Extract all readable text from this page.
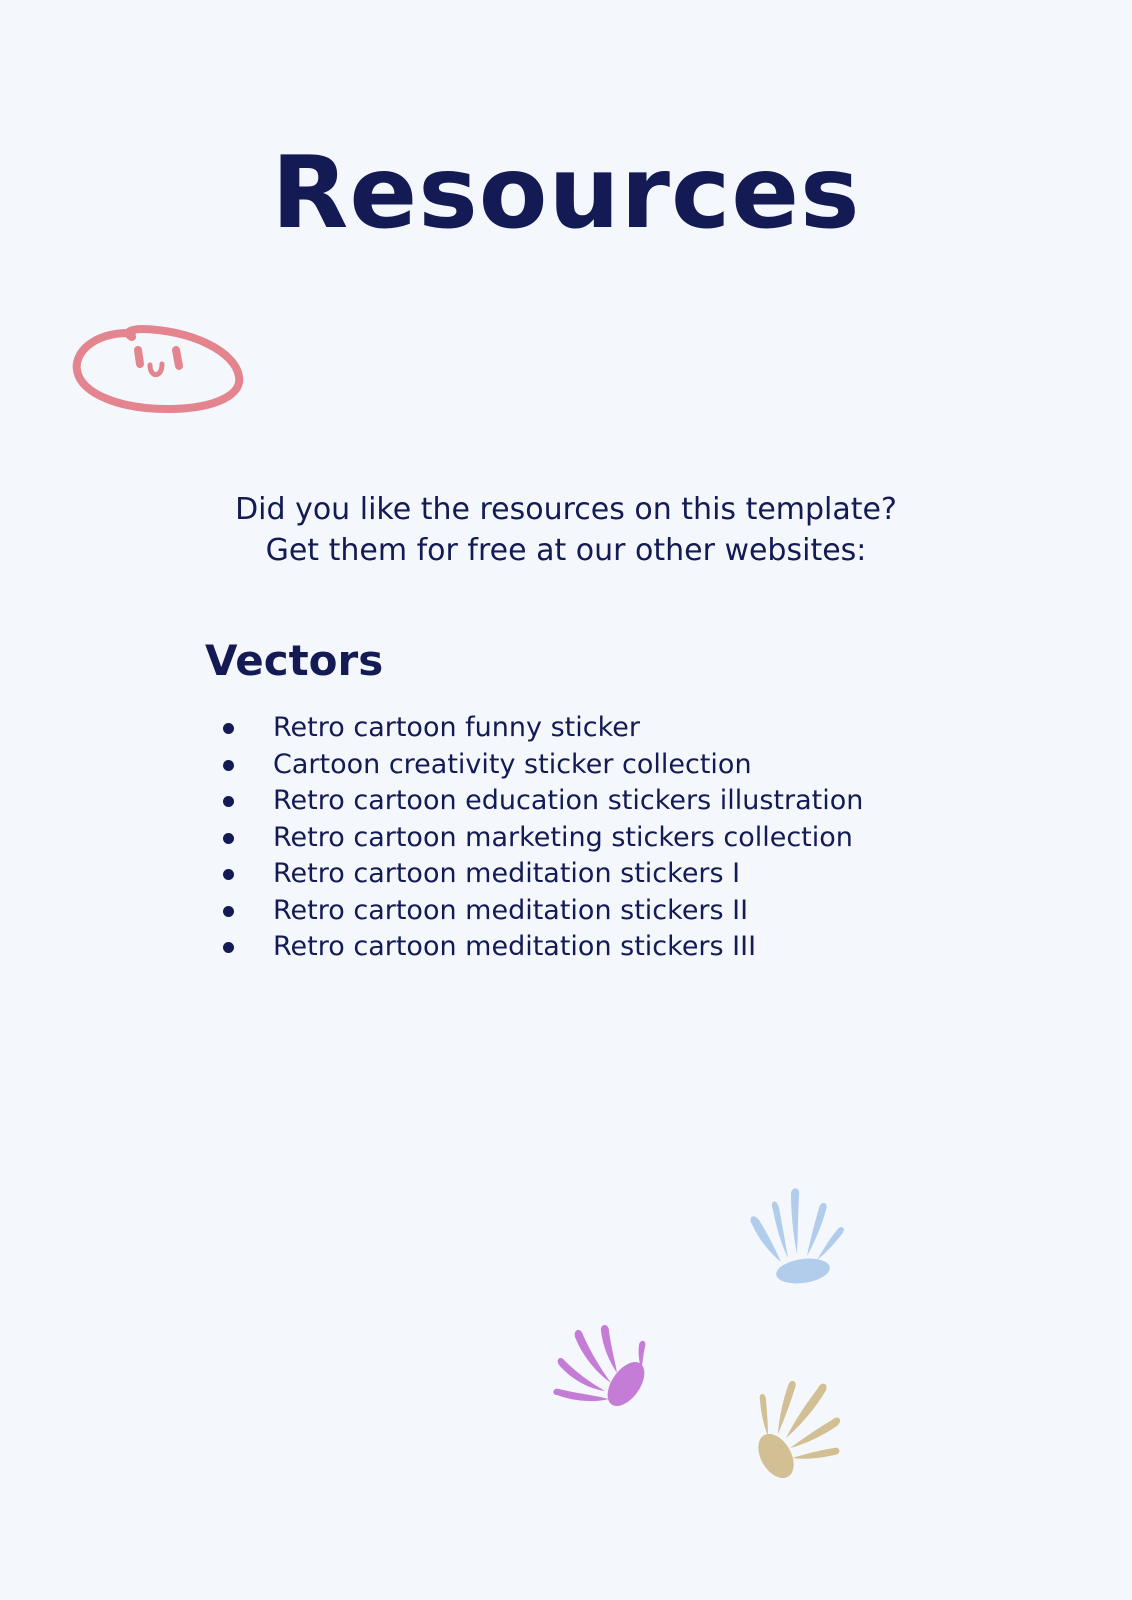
Resources
Did you like the resources on this template?
Get them for free at our other websites:
Vectors
Retro cartoon funny sticker
Cartoon creativity sticker collection
Retro cartoon education stickers illustration
Retro cartoon marketing stickers collection
Retro cartoon meditation stickers I
Retro cartoon meditation stickers II
Retro cartoon meditation stickers III
